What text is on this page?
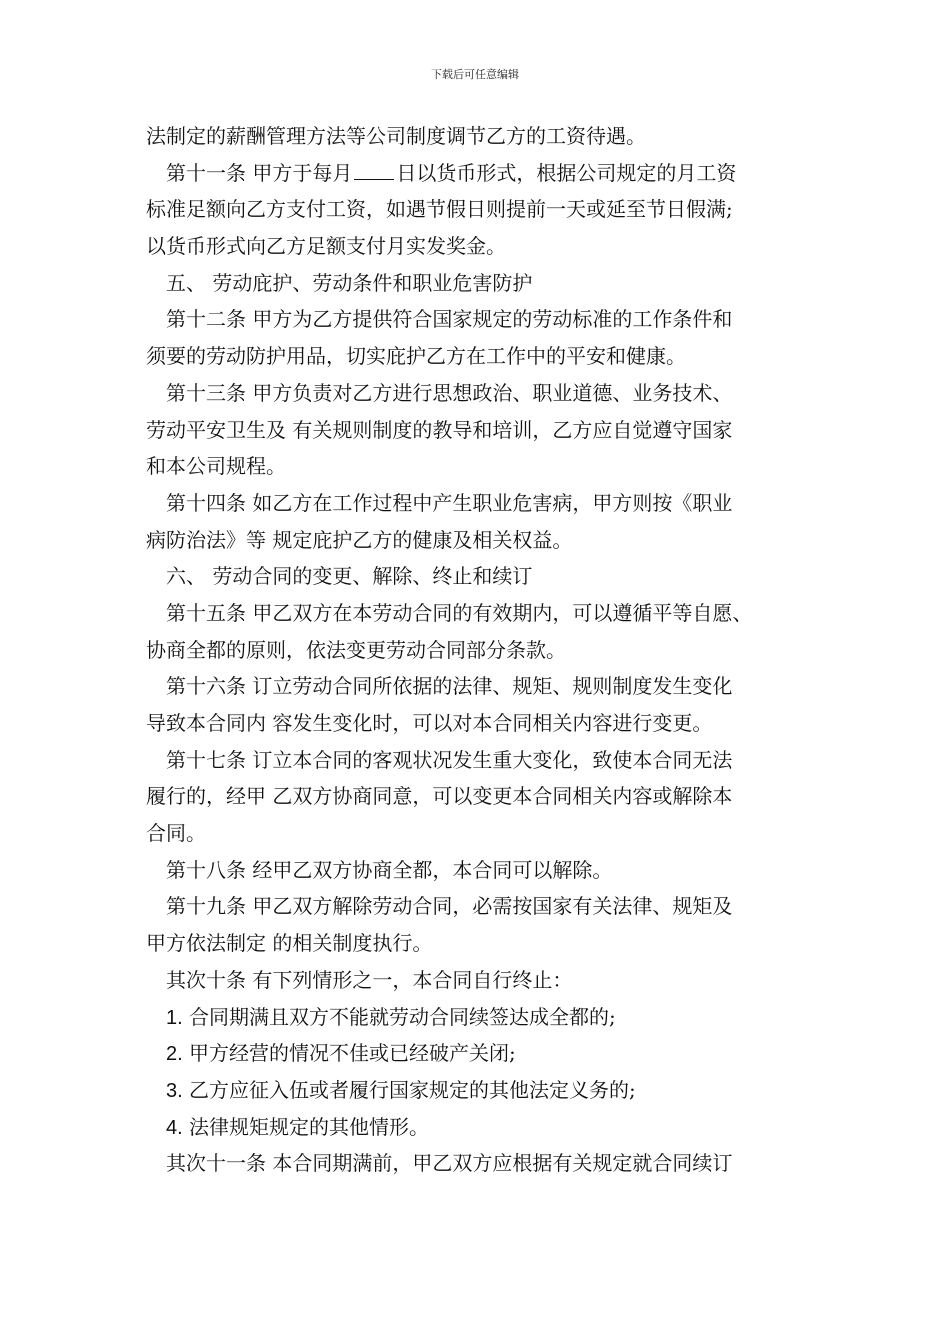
下载后可任意编辑
法制定的薪酬管理方法等公司制度调节乙方的工资待遇。
第十一条 甲方于每月 日以货币形式，根据公司规定的月工资
标准足额向乙方支付工资，如遇节假日则提前一天或延至节日假满;
以货币形式向乙方足额支付月实发奖金。
五、 劳动庇护、劳动条件和职业危害防护
第十二条 甲方为乙方提供符合国家规定的劳动标准的工作条件和
须要的劳动防护用品，切实庇护乙方在工作中的平安和健康。
第十三条 甲方负责对乙方进行思想政治、职业道德、业务技术、
劳动平安卫生及 有关规则制度的教导和培训，乙方应自觉遵守国家
和本公司规程。
第十四条 如乙方在工作过程中产生职业危害病，甲方则按《职业
病防治法》等 规定庇护乙方的健康及相关权益。
六、 劳动合同的变更、解除、终止和续订
第十五条 甲乙双方在本劳动合同的有效期内，可以遵循平等自愿、
协商全都的原则，依法变更劳动合同部分条款。
第十六条 订立劳动合同所依据的法律、规矩、规则制度发生变化
导致本合同内 容发生变化时，可以对本合同相关内容进行变更。
第十七条 订立本合同的客观状况发生重大变化，致使本合同无法
履行的，经甲 乙双方协商同意，可以变更本合同相关内容或解除本
合同。
第十八条 经甲乙双方协商全都，本合同可以解除。
第十九条 甲乙双方解除劳动合同，必需按国家有关法律、规矩及
甲方依法制定 的相关制度执行。
其次十条 有下列情形之一，本合同自行终止：
1. 合同期满且双方不能就劳动合同续签达成全都的;
2. 甲方经营的情况不佳或已经破产关闭;
3. 乙方应征入伍或者履行国家规定的其他法定义务的;
4. 法律规矩规定的其他情形。
其次十一条 本合同期满前，甲乙双方应根据有关规定就合同续订
